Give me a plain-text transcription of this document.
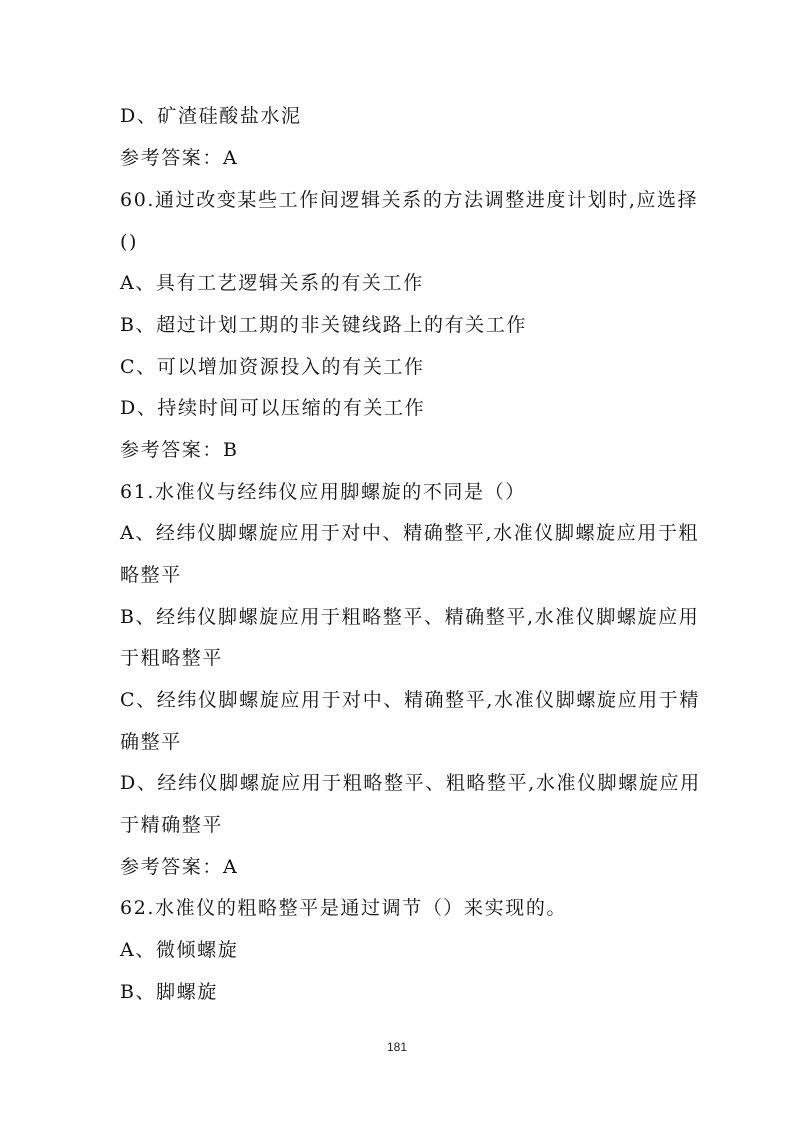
D、矿渣硅酸盐水泥
参考答案：A
60.通过改变某些工作间逻辑关系的方法调整进度计划时,应选择
()
A、具有工艺逻辑关系的有关工作
B、超过计划工期的非关键线路上的有关工作
C、可以增加资源投入的有关工作
D、持续时间可以压缩的有关工作
参考答案：B
61.水准仪与经纬仪应用脚螺旋的不同是（）
A、经纬仪脚螺旋应用于对中、精确整平,水准仪脚螺旋应用于粗
略整平
B、经纬仪脚螺旋应用于粗略整平、精确整平,水准仪脚螺旋应用
于粗略整平
C、经纬仪脚螺旋应用于对中、精确整平,水准仪脚螺旋应用于精
确整平
D、经纬仪脚螺旋应用于粗略整平、粗略整平,水准仪脚螺旋应用
于精确整平
参考答案：A
62.水准仪的粗略整平是通过调节（）来实现的。
A、微倾螺旋
B、脚螺旋
181
